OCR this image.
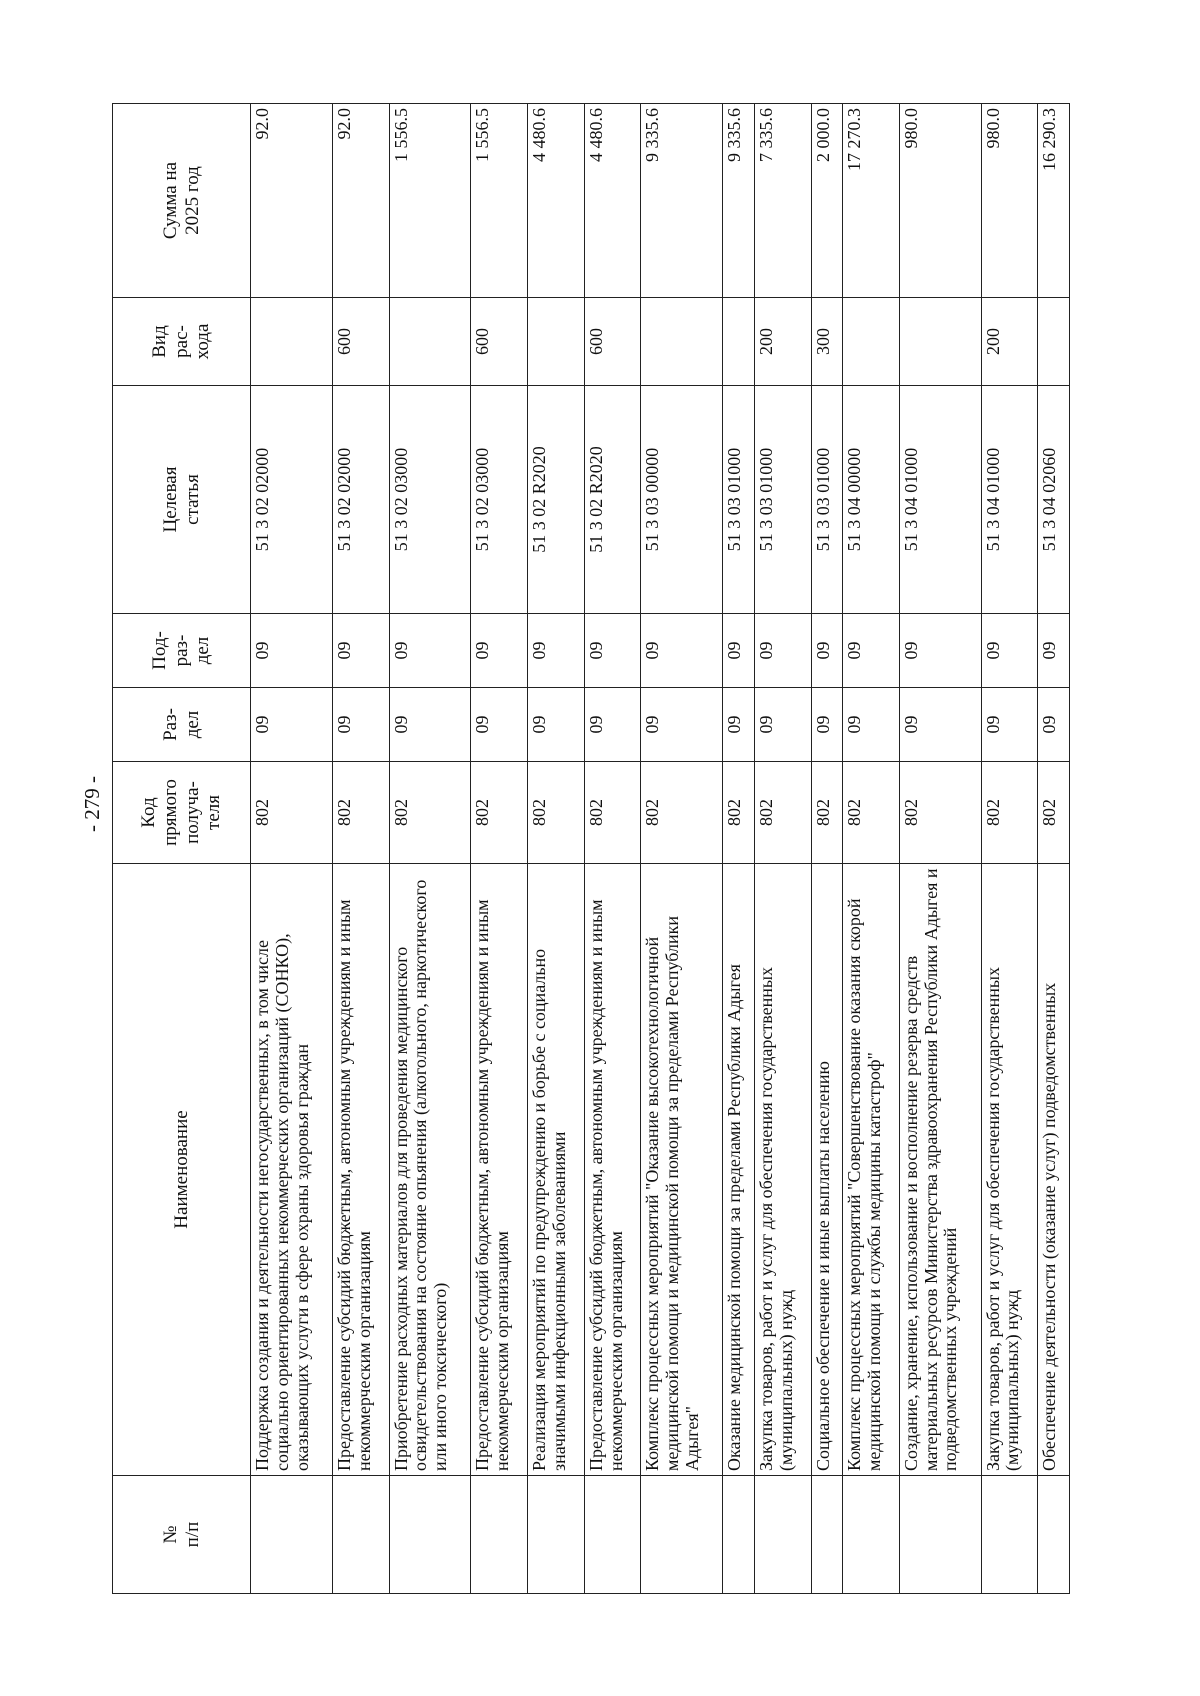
- 279 -
№
п/п	Наименование	Код
прямого
получа-
теля	Раз-
дел	Под-
раз-
дел	Целевая
статья	Вид
рас-
хода	Сумма на
2025 год
	Поддержка создания и деятельности негосударственных, в том числе социально ориентированных некоммерческих организаций (СОНКО), оказывающих услуги в сфере охраны здоровья граждан	802	09	09	51 3 02 02000		92.0
	Предоставление субсидий бюджетным, автономным учреждениям и иным некоммерческим организациям	802	09	09	51 3 02 02000	600	92.0
	Приобретение расходных материалов для проведения медицинского освидетельствования на состояние опьянения (алкогольного, наркотического или иного токсического)	802	09	09	51 3 02 03000		1 556.5
	Предоставление субсидий бюджетным, автономным учреждениям и иным некоммерческим организациям	802	09	09	51 3 02 03000	600	1 556.5
	Реализация мероприятий по предупреждению и борьбе с социально значимыми инфекционными заболеваниями	802	09	09	51 3 02 R2020		4 480.6
	Предоставление субсидий бюджетным, автономным учреждениям и иным некоммерческим организациям	802	09	09	51 3 02 R2020	600	4 480.6
	Комплекс процессных мероприятий "Оказание высокотехнологичной медицинской помощи и медицинской помощи за пределами Республики Адыгея"	802	09	09	51 3 03 00000		9 335.6
	Оказание медицинской помощи за пределами Республики Адыгея	802	09	09	51 3 03 01000		9 335.6
	Закупка товаров, работ и услуг для обеспечения государственных (муниципальных) нужд	802	09	09	51 3 03 01000	200	7 335.6
	Социальное обеспечение и иные выплаты населению	802	09	09	51 3 03 01000	300	2 000.0
	Комплекс процессных мероприятий "Совершенствование оказания скорой медицинской помощи и службы медицины катастроф"	802	09	09	51 3 04 00000		17 270.3
	Создание, хранение, использование и восполнение резерва средств материальных ресурсов Министерства здравоохранения Республики Адыгея и подведомственных учреждений	802	09	09	51 3 04 01000		980.0
	Закупка товаров, работ и услуг для обеспечения государственных (муниципальных) нужд	802	09	09	51 3 04 01000	200	980.0
	Обеспечение деятельности (оказание услуг) подведомственных	802	09	09	51 3 04 02060		16 290.3
